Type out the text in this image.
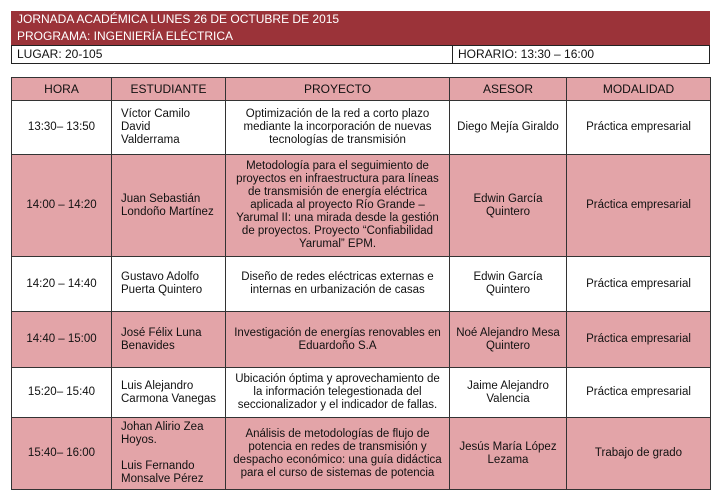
JORNADA ACADÉMICA LUNES 26 DE OCTUBRE DE 2015
PROGRAMA: INGENIERÍA ELÉCTRICA
LUGAR: 20-105	HORARIO: 13:30 – 16:00
HORA	ESTUDIANTE	PROYECTO	ASESOR	MODALIDAD
13:30– 13:50	Víctor Camilo
David
Valderrama	Optimización de la red a corto plazo
mediante la incorporación de nuevas
tecnologías de transmisión	Diego Mejía Giraldo	Práctica empresarial
14:00 – 14:20	Juan Sebastián
Londoño Martínez	Metodología para el seguimiento de proyectos en infraestructura para líneas de transmisión de energía eléctrica aplicada al proyecto Río Grande – Yarumal II: una mirada desde la gestión de proyectos. Proyecto “Confiabilidad Yarumal” EPM.	Edwin García
Quintero	Práctica empresarial
14:20 – 14:40	Gustavo Adolfo
Puerta Quintero	Diseño de redes eléctricas externas e
internas en urbanización de casas	Edwin García
Quintero	Práctica empresarial
14:40 – 15:00	José Félix Luna
Benavides	Investigación de energías renovables en
Eduardoño S.A	Noé Alejandro Mesa
Quintero	Práctica empresarial
15:20– 15:40	Luis Alejandro
Carmona Vanegas	Ubicación óptima y aprovechamiento de
la información telegestionada del
seccionalizador y el indicador de fallas.	Jaime Alejandro
Valencia	Práctica empresarial
15:40– 16:00	Johan Alirio Zea
Hoyos.

Luis Fernando
Monsalve Pérez	Análisis de metodologías de flujo de potencia en redes de transmisión y despacho económico: una guía didáctica para el curso de sistemas de potencia	Jesús María López
Lezama	Trabajo de grado
